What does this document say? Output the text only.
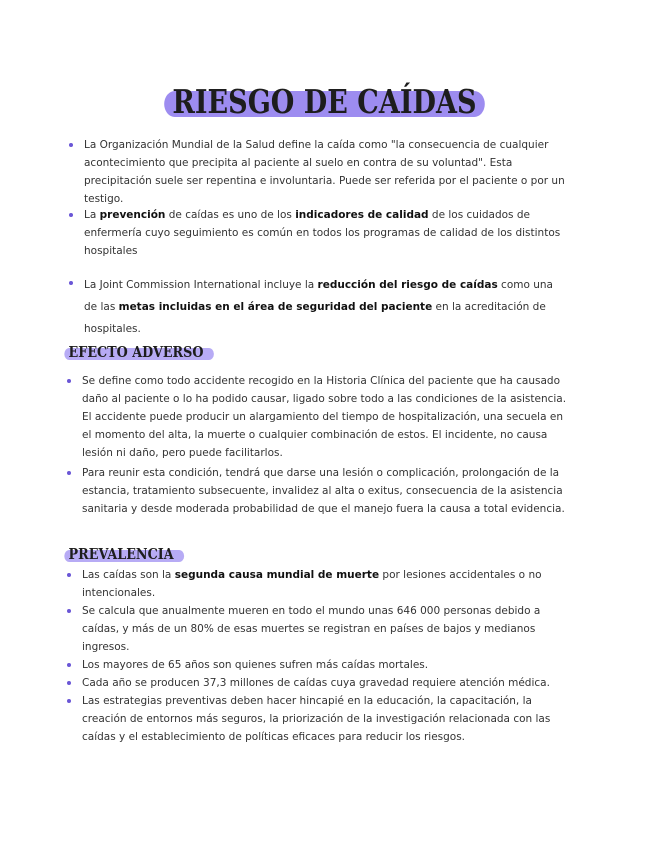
RIESGO DE CAÍDAS
La Organización Mundial de la Salud define la caída como "la consecuencia de cualquier acontecimiento que precipita al paciente al suelo en contra de su voluntad". Esta precipitación suele ser repentina e involuntaria. Puede ser referida por el paciente o por un testigo.
La prevención de caídas es uno de los indicadores de calidad de los cuidados de enfermería cuyo seguimiento es común en todos los programas de calidad de los distintos hospitales
La Joint Commission International incluye la reducción del riesgo de caídas como una de las metas incluidas en el área de seguridad del paciente en la acreditación de hospitales.
EFECTO ADVERSO
Se define como todo accidente recogido en la Historia Clínica del paciente que ha causado daño al paciente o lo ha podido causar, ligado sobre todo a las condiciones de la asistencia. El accidente puede producir un alargamiento del tiempo de hospitalización, una secuela en el momento del alta, la muerte o cualquier combinación de estos. El incidente, no causa lesión ni daño, pero puede facilitarlos.
Para reunir esta condición, tendrá que darse una lesión o complicación, prolongación de la estancia, tratamiento subsecuente, invalidez al alta o exitus, consecuencia de la asistencia sanitaria y desde moderada probabilidad de que el manejo fuera la causa a total evidencia.
PREVALENCIA
Las caídas son la segunda causa mundial de muerte por lesiones accidentales o no intencionales.
Se calcula que anualmente mueren en todo el mundo unas 646 000 personas debido a caídas, y más de un 80% de esas muertes se registran en países de bajos y medianos ingresos.
Los mayores de 65 años son quienes sufren más caídas mortales.
Cada año se producen 37,3 millones de caídas cuya gravedad requiere atención médica.
Las estrategias preventivas deben hacer hincapié en la educación, la capacitación, la creación de entornos más seguros, la priorización de la investigación relacionada con las caídas y el establecimiento de políticas eficaces para reducir los riesgos.
